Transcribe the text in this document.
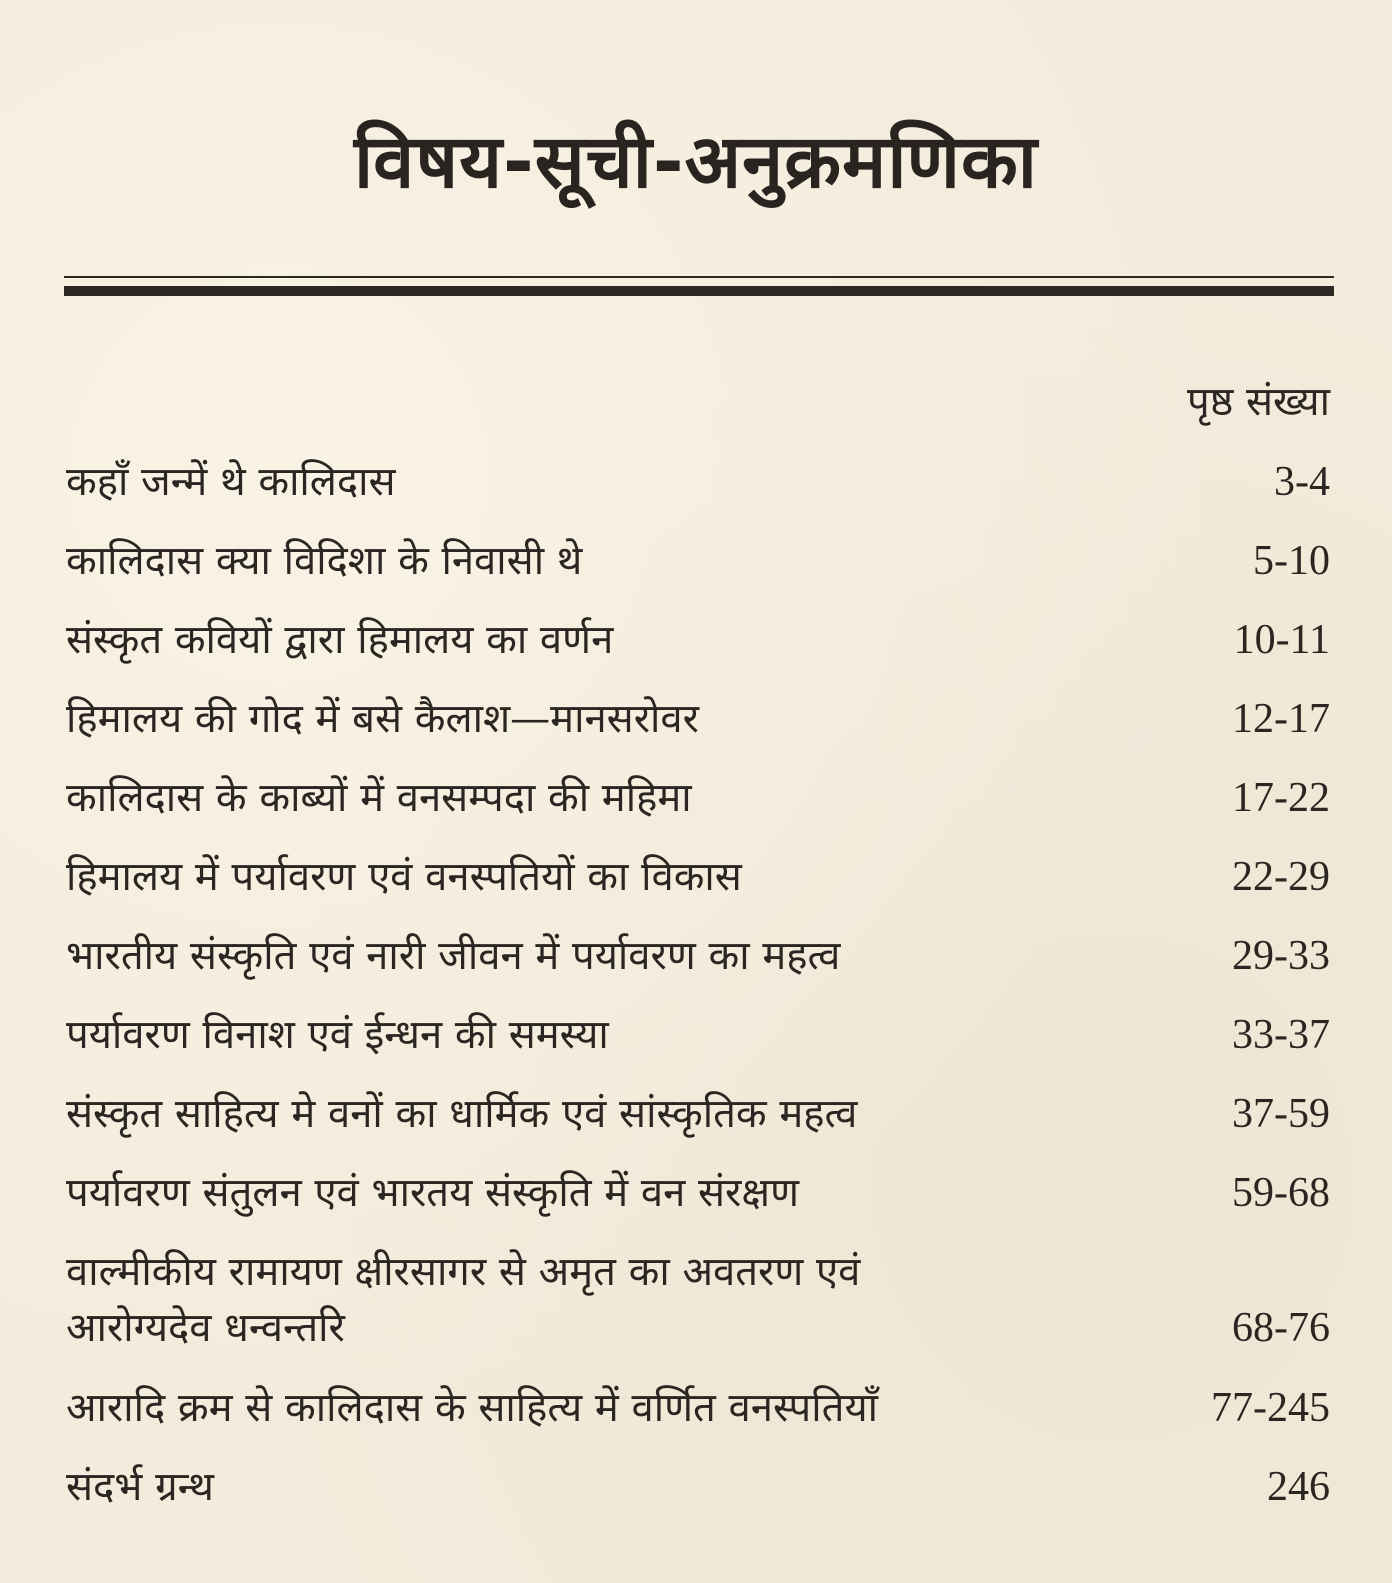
विषय-सूची-अनुक्रमणिका
पृष्ठ संख्या
कहाँ जन्में थे कालिदास	3-4
कालिदास क्या विदिशा के निवासी थे	5-10
संस्कृत कवियों द्वारा हिमालय का वर्णन	10-11
हिमालय की गोद में बसे कैलाश—मानसरोवर	12-17
कालिदास के काब्यों में वनसम्पदा की महिमा	17-22
हिमालय में पर्यावरण एवं वनस्पतियों का विकास	22-29
भारतीय संस्कृति एवं नारी जीवन में पर्यावरण का महत्व	29-33
पर्यावरण विनाश एवं ईन्धन की समस्या	33-37
संस्कृत साहित्य मे वनों का धार्मिक एवं सांस्कृतिक महत्व	37-59
पर्यावरण संतुलन एवं भारतय संस्कृति में वन संरक्षण	59-68
वाल्मीकीय रामायण क्षीरसागर से अमृत का अवतरण एवं
आरोग्यदेव धन्वन्तरि	68-76
आरादि क्रम से कालिदास के साहित्य में वर्णित वनस्पतियाँ	77-245
संदर्भ ग्रन्थ	246
